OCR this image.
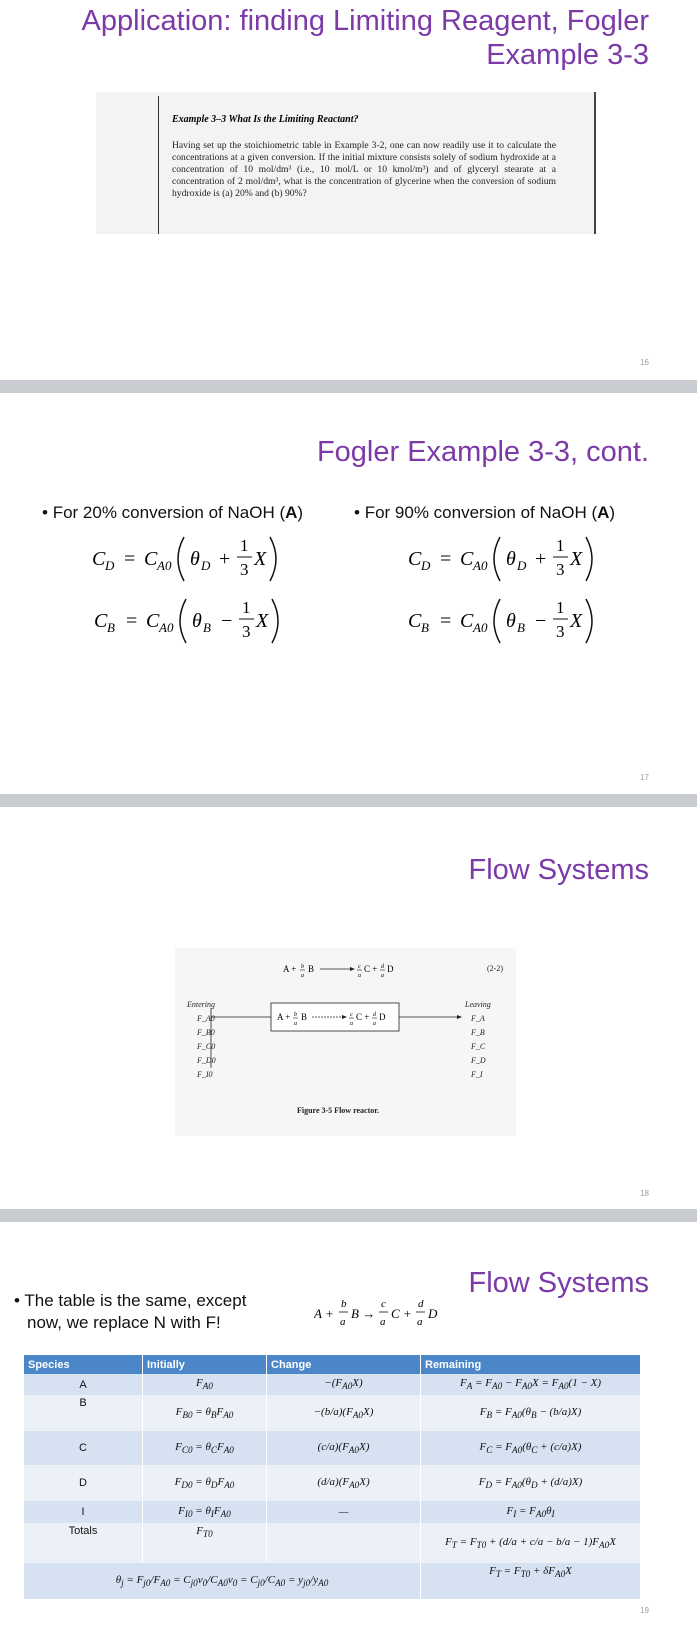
Application: finding Limiting Reagent, Fogler
Example 3-3
Example 3–3 What Is the Limiting Reactant?
Having set up the stoichiometric table in Example 3-2, one can now readily use it to calculate the concentrations at a given conversion. If the initial mixture consists solely of sodium hydroxide at a concentration of 10 mol/dm³ (i.e., 10 mol/L or 10 kmol/m³) and of glyceryl stearate at a concentration of 2 mol/dm³, what is the concentration of glycerine when the conversion of sodium hydroxide is (a) 20% and (b) 90%?
16
Fogler Example 3-3, cont.
• For 20% conversion of NaOH (A)	• For 90% conversion of NaOH (A)
C D = C A0 θ D +
1
3 X
C B = C A0 θ B −
1
3 X
C D = C A0 θ D +
1
3 X
C B = C A0 θ B −
1
3 X
17
Flow Systems
18
A + b
a
B	c
a
C + d
a
D
A + b
a
B	c
a
C + d
a
D
(2-2)
Entering	Leaving
F_A0
F_B0
F_C0
F_D0
F_I0
F_A
F_B
F_C
F_D
F_I
Figure 3-5 Flow reactor.
Flow Systems
• The table is the same, except
now, we replace N with F!	A +
b
a
B →
c
a
C +
d
a
D
19
Species	Initially	Change	Remaining
A	$F_{A0}$	$-(F_{A0}X)$	$F_A = F_{A0} - F_{A0}X = F_{A0}(1 - X)$
B	$F_{B0} = \theta_BF_{A0}$	$-(b/a)(F_{A0}X)$	$F_B = F_{A0}(\theta_B - (b/a)X)$
C	$F_{C0} = \theta_CF_{A0}$	$(c/a)(F_{A0}X)$	$F_C = F_{A0}(\theta_C + (c/a)X)$
D	$F_{D0} = \theta_DF_{A0}$	$(d/a)(F_{A0}X)$	$F_D = F_{A0}(\theta_D + (d/a)X)$
I	$F_{I0} = \theta_IF_{A0}$	—	$F_I = F_{A0}\theta_I$
Totals	$F_{T0}$		$F_T = F_{T0} + (d/a + c/a - b/a - 1)F_{A0}X$
$\theta_j = F_{j0}/F_{A0} = C_{j0}v_0/C_{A0}v_0 = C_{j0}/C_{A0} = y_{j0}/y_{A0}$			$F_T = F_{T0} + \delta F_{A0}X$
